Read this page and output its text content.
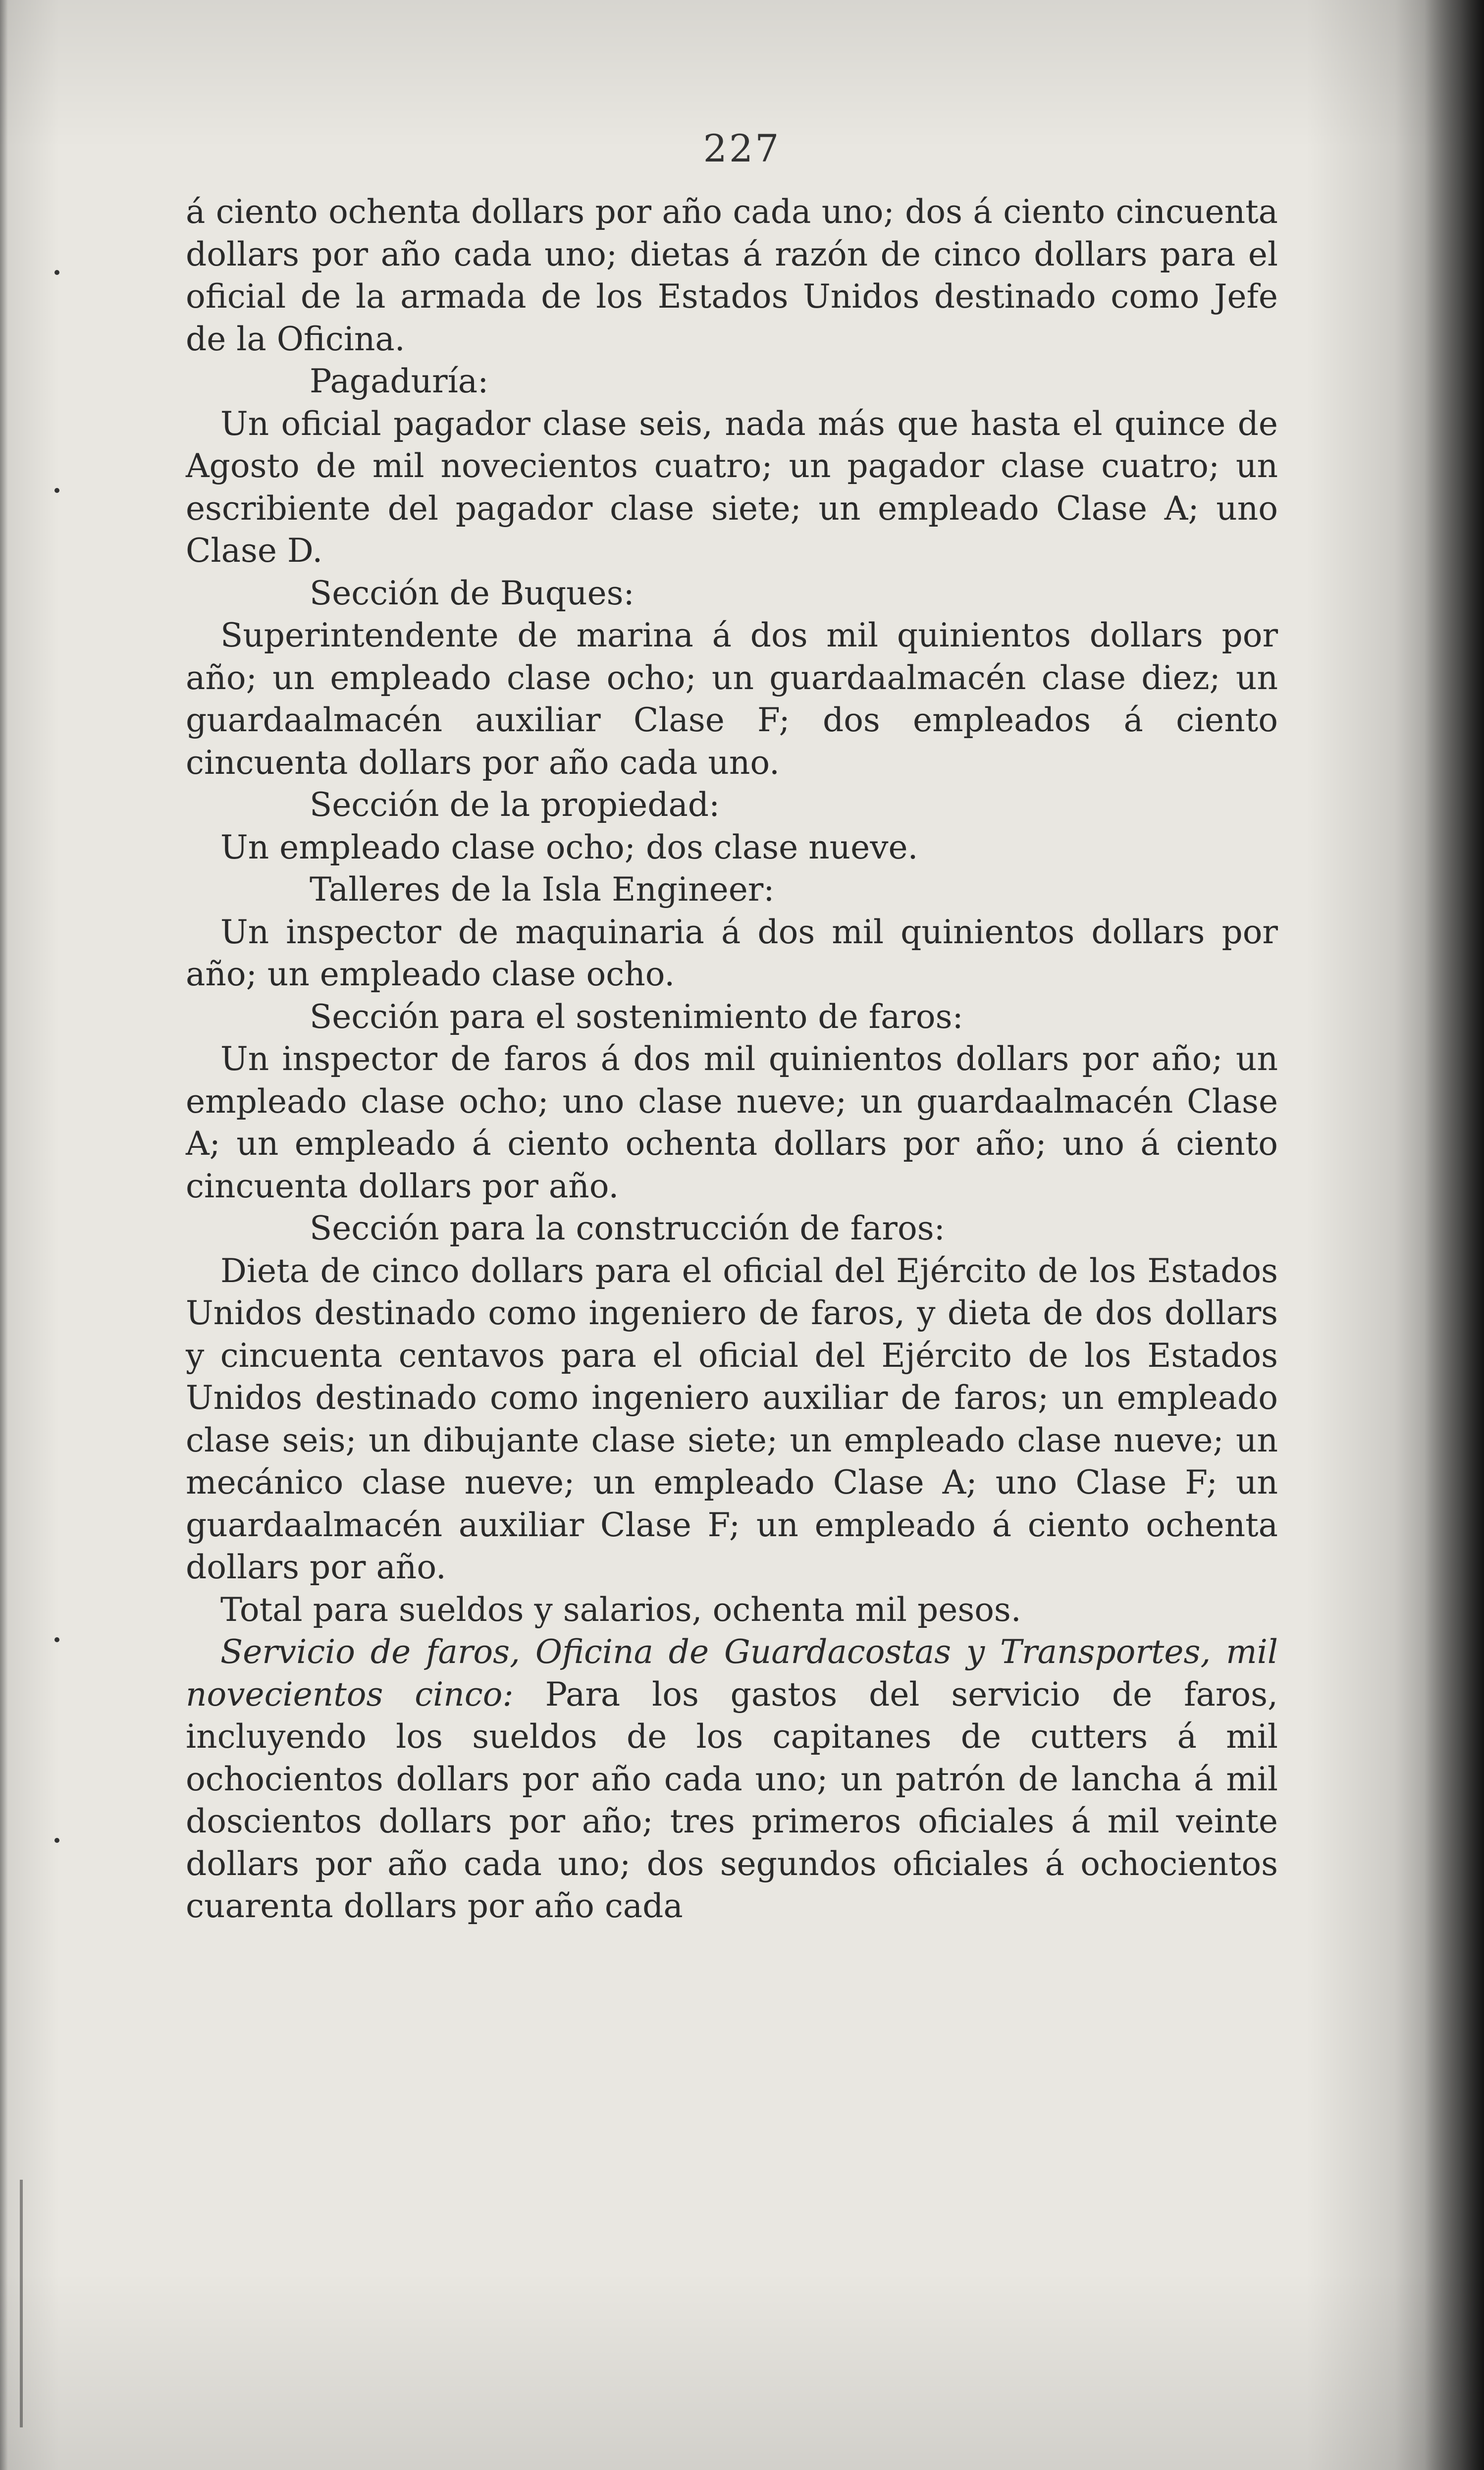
227

á ciento ochenta dollars por año cada uno; dos á ciento cincuenta dollars por año cada uno; dietas á razón de cinco dollars para el oficial de la armada de los Estados Unidos destinado como Jefe de la Oficina.

Pagaduría:

Un oficial pagador clase seis, nada más que hasta el quince de Agosto de mil novecientos cuatro; un pagador clase cuatro; un escribiente del pagador clase siete; un empleado Clase A; uno Clase D.

Sección de Buques:

Superintendente de marina á dos mil quinientos dollars por año; un empleado clase ocho; un guardaalmacén clase diez; un guardaalmacén auxiliar Clase F; dos empleados á ciento cincuenta dollars por año cada uno.

Sección de la propiedad:

Un empleado clase ocho; dos clase nueve.

Talleres de la Isla Engineer:

Un inspector de maquinaria á dos mil quinientos dollars por año; un empleado clase ocho.

Sección para el sostenimiento de faros:

Un inspector de faros á dos mil quinientos dollars por año; un empleado clase ocho; uno clase nueve; un guardaalmacén Clase A; un empleado á ciento ochenta dollars por año; uno á ciento cincuenta dollars por año.

Sección para la construcción de faros:

Dieta de cinco dollars para el oficial del Ejército de los Estados Unidos destinado como ingeniero de faros, y dieta de dos dollars y cincuenta centavos para el oficial del Ejército de los Estados Unidos destinado como ingeniero auxiliar de faros; un empleado clase seis; un dibujante clase siete; un empleado clase nueve; un mecánico clase nueve; un empleado Clase A; uno Clase F; un guardaalmacén auxiliar Clase F; un empleado á ciento ochenta dollars por año.

Total para sueldos y salarios, ochenta mil pesos.

Servicio de faros, Oficina de Guardacostas y Transportes, mil novecientos cinco: Para los gastos del servicio de faros, incluyendo los sueldos de los capitanes de cutters á mil ochocientos dollars por año cada uno; un patrón de lancha á mil doscientos dollars por año; tres primeros oficiales á mil veinte dollars por año cada uno; dos segundos oficiales á ochocientos cuarenta dollars por año cada
